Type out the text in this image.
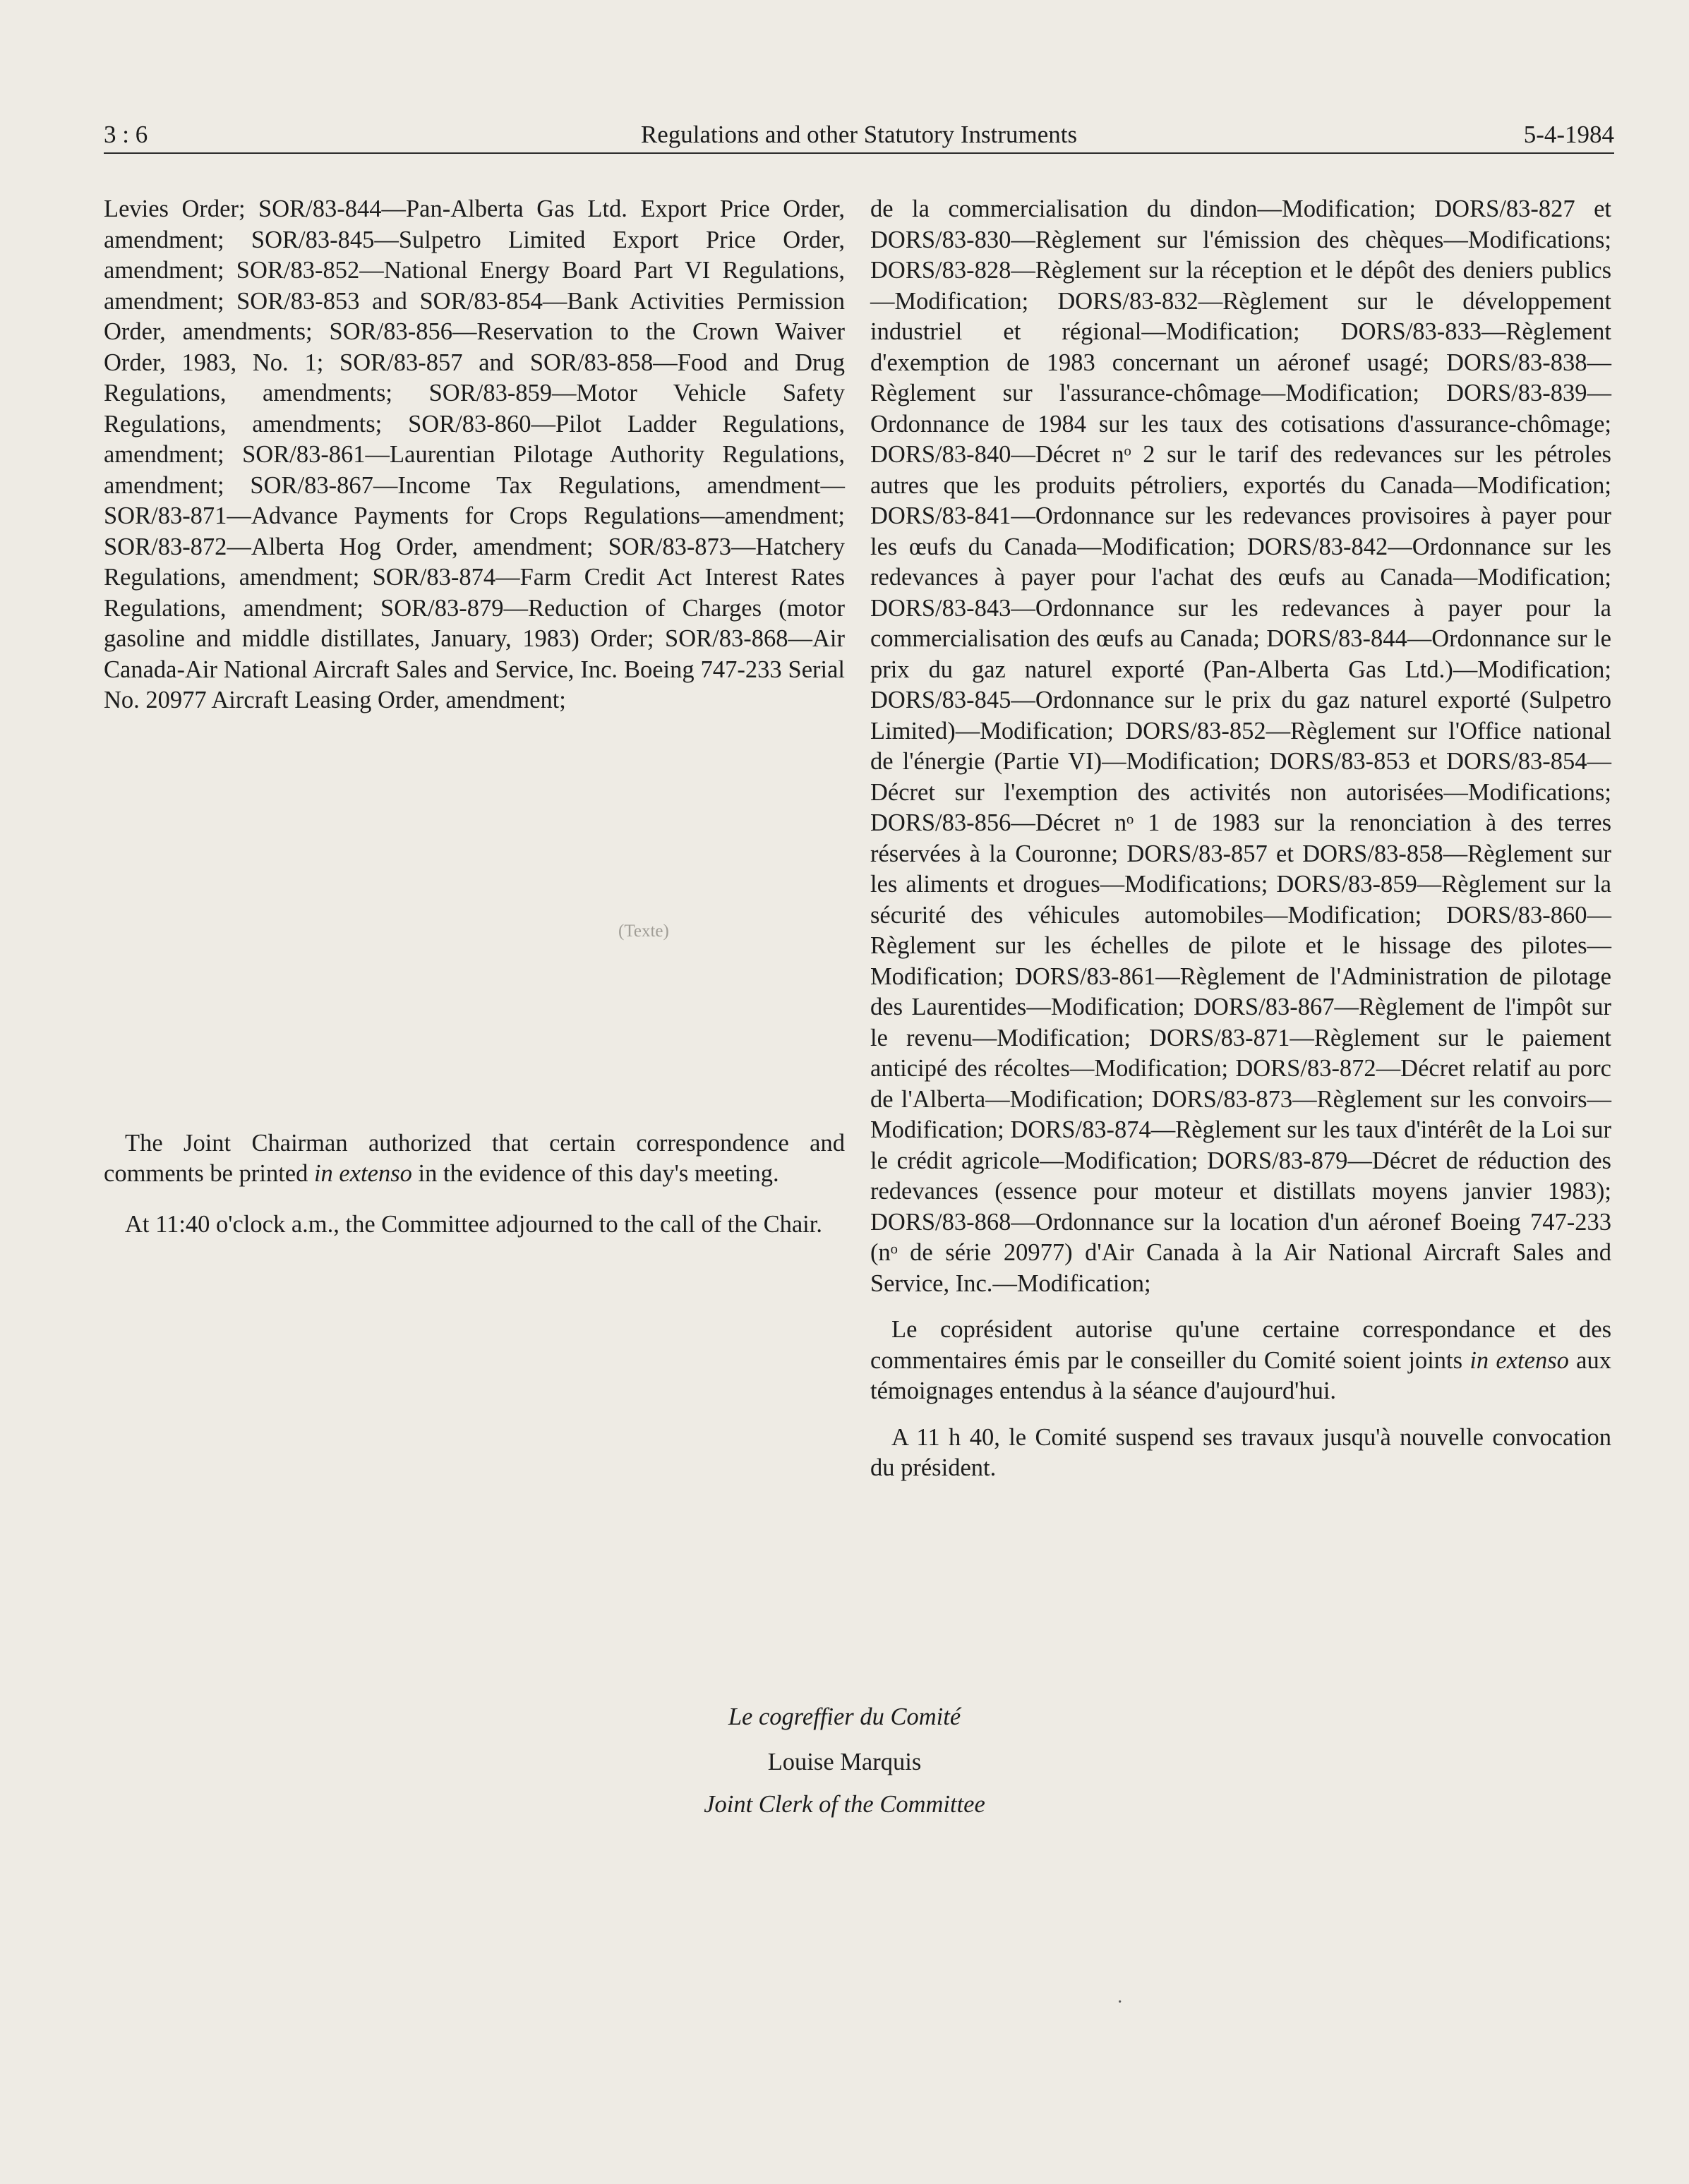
3 : 6	Regulations and other Statutory Instruments	5-4-1984

Levies Order; SOR/83-844—Pan-Alberta Gas Ltd. Export Price Order, amendment; SOR/83-845—Sulpetro Limited Export Price Order, amendment; SOR/83-852—National Energy Board Part VI Regulations, amendment; SOR/83-853 and SOR/83-854—Bank Activities Permission Order, amendments; SOR/83-856—Reservation to the Crown Waiver Order, 1983, No. 1; SOR/83-857 and SOR/83-858—Food and Drug Regulations, amendments; SOR/83-859—Motor Vehicle Safety Regulations, amendments; SOR/83-860—Pilot Ladder Regulations, amendment; SOR/83-861—Laurentian Pilotage Authority Regulations, amendment; SOR/83-867—Income Tax Regulations, amendment—SOR/83-871—Advance Payments for Crops Regulations—amendment; SOR/83-872—Alberta Hog Order, amendment; SOR/83-873—Hatchery Regulations, amendment; SOR/83-874—Farm Credit Act Interest Rates Regulations, amendment; SOR/83-879—Reduction of Charges (motor gasoline and middle distillates, January, 1983) Order; SOR/83-868—Air Canada-Air National Aircraft Sales and Service, Inc. Boeing 747-233 Serial No. 20977 Aircraft Leasing Order, amendment;

The Joint Chairman authorized that certain correspondence and comments be printed in extenso in the evidence of this day's meeting.

At 11:40 o'clock a.m., the Committee adjourned to the call of the Chair.

de la commercialisation du dindon—Modification; DORS/83-827 et DORS/83-830—Règlement sur l'émission des chèques—Modifications; DORS/83-828—Règlement sur la réception et le dépôt des deniers publics—Modification; DORS/83-832—Règlement sur le développement industriel et régional—Modification; DORS/83-833—Règlement d'exemption de 1983 concernant un aéronef usagé; DORS/83-838—Règlement sur l'assurance-chômage—Modification; DORS/83-839—Ordonnance de 1984 sur les taux des cotisations d'assurance-chômage; DORS/83-840—Décret nᵒ 2 sur le tarif des redevances sur les pétroles autres que les produits pétroliers, exportés du Canada—Modification; DORS/83-841—Ordonnance sur les redevances provisoires à payer pour les œufs du Canada—Modification; DORS/83-842—Ordonnance sur les redevances à payer pour l'achat des œufs au Canada—Modification; DORS/83-843—Ordonnance sur les redevances à payer pour la commercialisation des œufs au Canada; DORS/83-844—Ordonnance sur le prix du gaz naturel exporté (Pan-Alberta Gas Ltd.)—Modification; DORS/83-845—Ordonnance sur le prix du gaz naturel exporté (Sulpetro Limited)—Modification; DORS/83-852—Règlement sur l'Office national de l'énergie (Partie VI)—Modification; DORS/83-853 et DORS/83-854—Décret sur l'exemption des activités non autorisées—Modifications; DORS/83-856—Décret nᵒ 1 de 1983 sur la renonciation à des terres réservées à la Couronne; DORS/83-857 et DORS/83-858—Règlement sur les aliments et drogues—Modifications; DORS/83-859—Règlement sur la sécurité des véhicules automobiles—Modification; DORS/83-860—Règlement sur les échelles de pilote et le hissage des pilotes—Modification; DORS/83-861—Règlement de l'Administration de pilotage des Laurentides—Modification; DORS/83-867—Règlement de l'impôt sur le revenu—Modification; DORS/83-871—Règlement sur le paiement anticipé des récoltes—Modification; DORS/83-872—Décret relatif au porc de l'Alberta—Modification; DORS/83-873—Règlement sur les convoirs—Modification; DORS/83-874—Règlement sur les taux d'intérêt de la Loi sur le crédit agricole—Modification; DORS/83-879—Décret de réduction des redevances (essence pour moteur et distillats moyens janvier 1983); DORS/83-868—Ordonnance sur la location d'un aéronef Boeing 747-233 (nᵒ de série 20977) d'Air Canada à la Air National Aircraft Sales and Service, Inc.—Modification;

Le coprésident autorise qu'une certaine correspondance et des commentaires émis par le conseiller du Comité soient joints in extenso aux témoignages entendus à la séance d'aujourd'hui.

A 11 h 40, le Comité suspend ses travaux jusqu'à nouvelle convocation du président.

Le cogreffier du Comité
Louise Marquis
Joint Clerk of the Committee
(Texte)
·
